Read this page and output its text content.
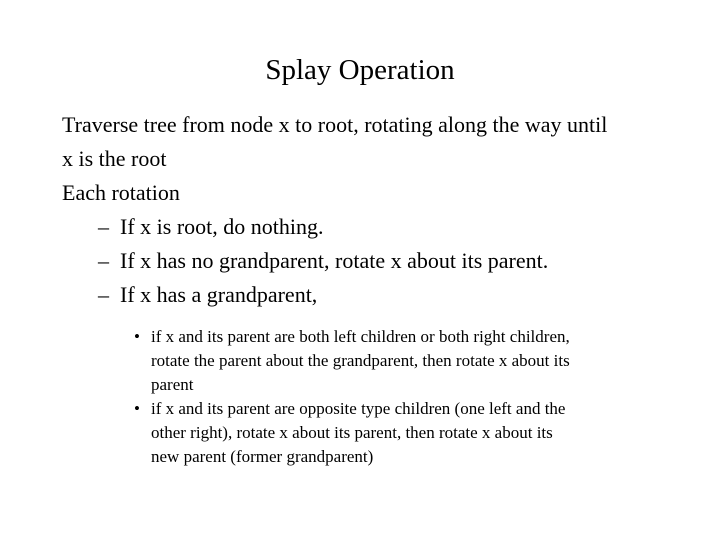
Splay Operation
Traverse tree from node x to root, rotating along the way until
x is the root
Each rotation
– If x is root, do nothing.
– If x has no grandparent, rotate x about its parent.
– If x has a grandparent,
• if x and its parent are both left children or both right children,
rotate the parent about the grandparent, then rotate x about its
parent
• if x and its parent are opposite type children (one left and the
other right), rotate x about its parent, then rotate x about its
new parent (former grandparent)
